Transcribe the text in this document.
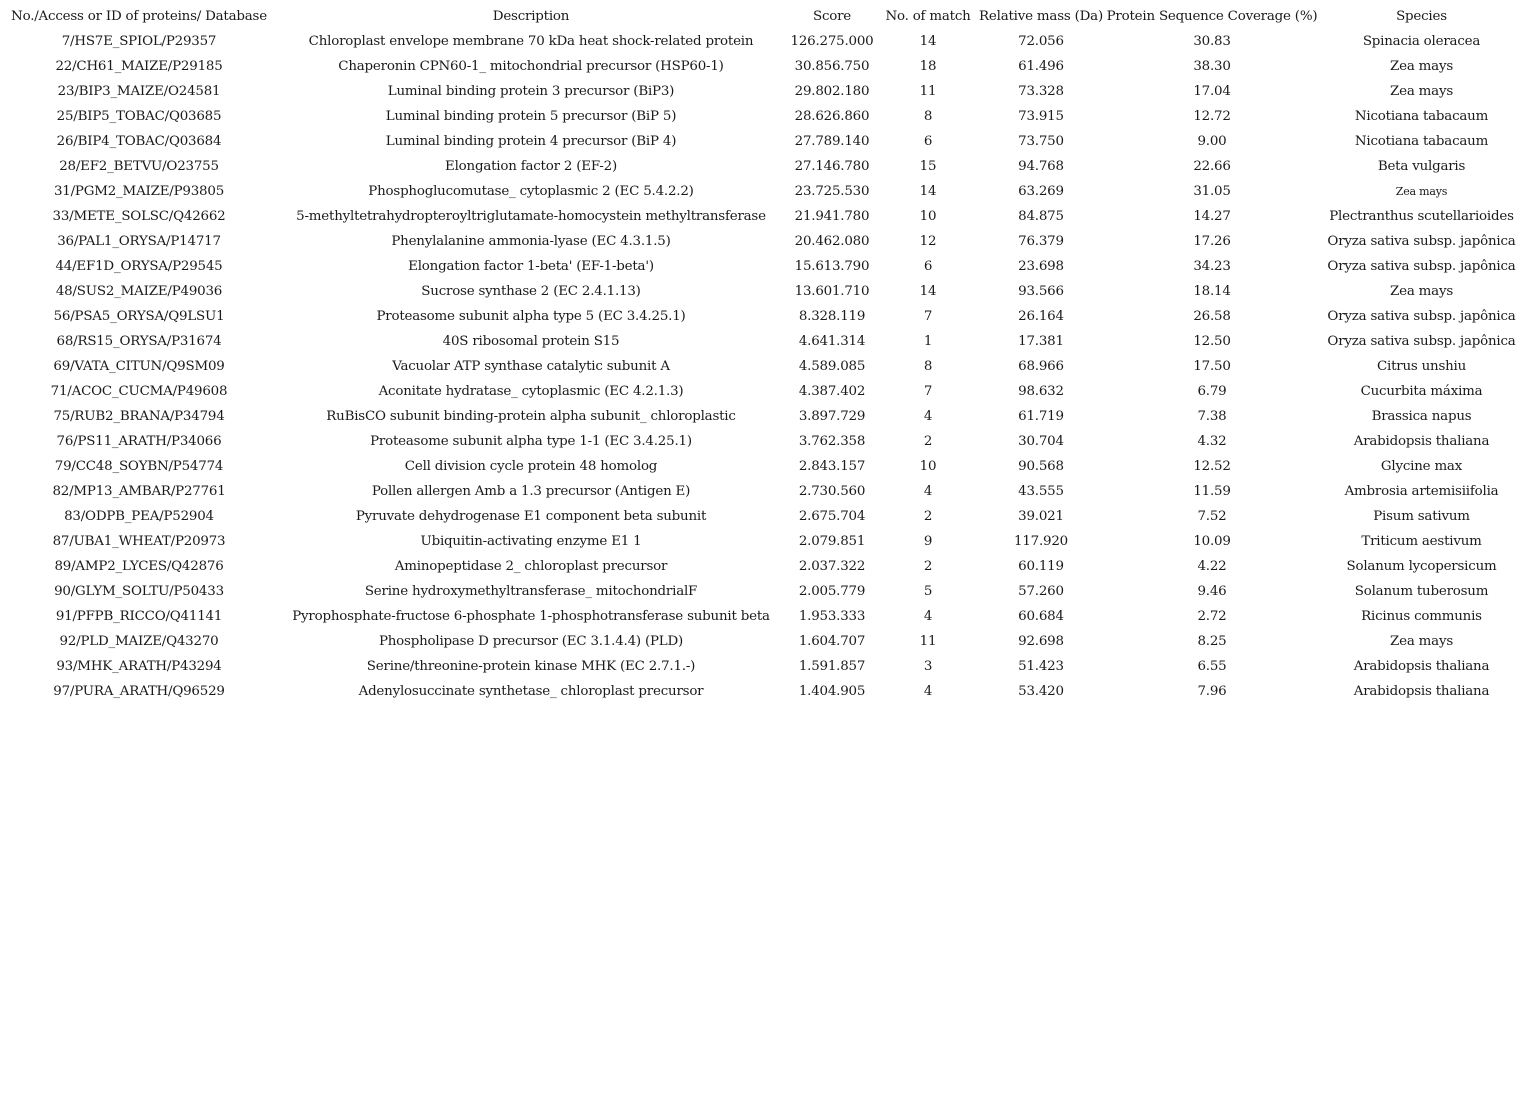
No./Access or ID of proteins/ Database	Description	Score	No. of match	Relative mass (Da)	Protein Sequence Coverage (%)	Species
7/HS7E_SPIOL/P29357	Chloroplast envelope membrane 70 kDa heat shock-related protein	126.275.000	14	72.056	30.83	Spinacia oleracea
22/CH61_MAIZE/P29185	Chaperonin CPN60-1_ mitochondrial precursor (HSP60-1)	30.856.750	18	61.496	38.30	Zea mays
23/BIP3_MAIZE/O24581	Luminal binding protein 3 precursor (BiP3)	29.802.180	11	73.328	17.04	Zea mays
25/BIP5_TOBAC/Q03685	Luminal binding protein 5 precursor (BiP 5)	28.626.860	8	73.915	12.72	Nicotiana tabacaum
26/BIP4_TOBAC/Q03684	Luminal binding protein 4 precursor (BiP 4)	27.789.140	6	73.750	9.00	Nicotiana tabacaum
28/EF2_BETVU/O23755	Elongation factor 2 (EF-2)	27.146.780	15	94.768	22.66	Beta vulgaris
31/PGM2_MAIZE/P93805	Phosphoglucomutase_ cytoplasmic 2 (EC 5.4.2.2)	23.725.530	14	63.269	31.05	Zea mays
33/METE_SOLSC/Q42662	5-methyltetrahydropteroyltriglutamate-homocystein methyltransferase	21.941.780	10	84.875	14.27	Plectranthus scutellarioides
36/PAL1_ORYSA/P14717	Phenylalanine ammonia-lyase (EC 4.3.1.5)	20.462.080	12	76.379	17.26	Oryza sativa subsp. japônica
44/EF1D_ORYSA/P29545	Elongation factor 1-beta' (EF-1-beta')	15.613.790	6	23.698	34.23	Oryza sativa subsp. japônica
48/SUS2_MAIZE/P49036	Sucrose synthase 2 (EC 2.4.1.13)	13.601.710	14	93.566	18.14	Zea mays
56/PSA5_ORYSA/Q9LSU1	Proteasome subunit alpha type 5 (EC 3.4.25.1)	8.328.119	7	26.164	26.58	Oryza sativa subsp. japônica
68/RS15_ORYSA/P31674	40S ribosomal protein S15	4.641.314	1	17.381	12.50	Oryza sativa subsp. japônica
69/VATA_CITUN/Q9SM09	Vacuolar ATP synthase catalytic subunit A	4.589.085	8	68.966	17.50	Citrus unshiu
71/ACOC_CUCMA/P49608	Aconitate hydratase_ cytoplasmic (EC 4.2.1.3)	4.387.402	7	98.632	6.79	Cucurbita máxima
75/RUB2_BRANA/P34794	RuBisCO subunit binding-protein alpha subunit_ chloroplastic	3.897.729	4	61.719	7.38	Brassica napus
76/PS11_ARATH/P34066	Proteasome subunit alpha type 1-1 (EC 3.4.25.1)	3.762.358	2	30.704	4.32	Arabidopsis thaliana
79/CC48_SOYBN/P54774	Cell division cycle protein 48 homolog	2.843.157	10	90.568	12.52	Glycine max
82/MP13_AMBAR/P27761	Pollen allergen Amb a 1.3 precursor (Antigen E)	2.730.560	4	43.555	11.59	Ambrosia artemisiifolia
83/ODPB_PEA/P52904	Pyruvate dehydrogenase E1 component beta subunit	2.675.704	2	39.021	7.52	Pisum sativum
87/UBA1_WHEAT/P20973	Ubiquitin-activating enzyme E1 1	2.079.851	9	117.920	10.09	Triticum aestivum
89/AMP2_LYCES/Q42876	Aminopeptidase 2_ chloroplast precursor	2.037.322	2	60.119	4.22	Solanum lycopersicum
90/GLYM_SOLTU/P50433	Serine hydroxymethyltransferase_ mitochondrialF	2.005.779	5	57.260	9.46	Solanum tuberosum
91/PFPB_RICCO/Q41141	Pyrophosphate-fructose 6-phosphate 1-phosphotransferase subunit beta	1.953.333	4	60.684	2.72	Ricinus communis
92/PLD_MAIZE/Q43270	Phospholipase D precursor (EC 3.1.4.4) (PLD)	1.604.707	11	92.698	8.25	Zea mays
93/MHK_ARATH/P43294	Serine/threonine-protein kinase MHK (EC 2.7.1.-)	1.591.857	3	51.423	6.55	Arabidopsis thaliana
97/PURA_ARATH/Q96529	Adenylosuccinate synthetase_ chloroplast precursor	1.404.905	4	53.420	7.96	Arabidopsis thaliana
